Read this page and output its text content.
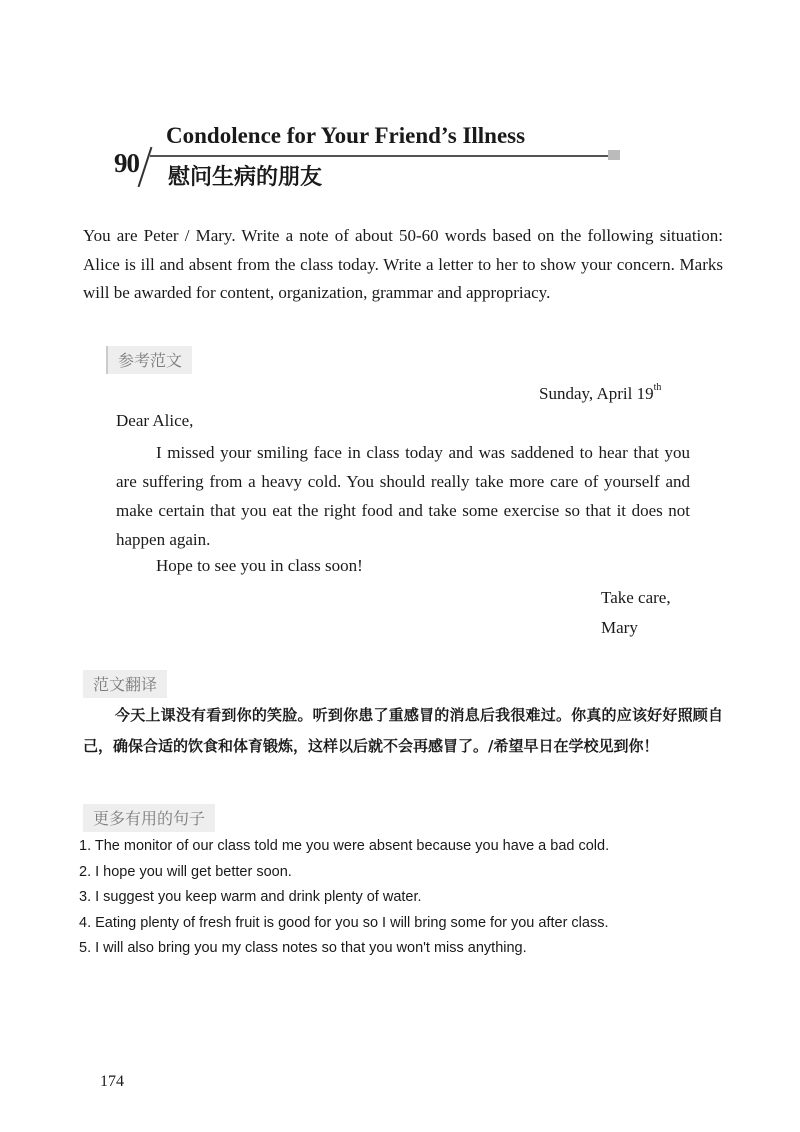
90
Condolence for Your Friend’s Illness
慰问生病的朋友
You are Peter / Mary. Write a note of about 50-60 words based on the following situation: Alice is ill and absent from the class today. Write a letter to her to show your concern. Marks will be awarded for content, organization, grammar and appropriacy.
参考范文
Sunday, April 19th
Dear Alice,
I missed your smiling face in class today and was saddened to hear that you are suffering from a heavy cold. You should really take more care of yourself and make certain that you eat the right food and take some exercise so that it does not happen again.
Hope to see you in class soon!
Take care,
Mary
范文翻译
今天上课没有看到你的笑脸。听到你患了重感冒的消息后我很难过。你真的应该好好照顾自己，确保合适的饮食和体育锻炼，这样以后就不会再感冒了。/希望早日在学校见到你！
更多有用的句子
1. The monitor of our class told me you were absent because you have a bad cold.
2. I hope you will get better soon.
3. I suggest you keep warm and drink plenty of water.
4. Eating plenty of fresh fruit is good for you so I will bring some for you after class.
5. I will also bring you my class notes so that you won't miss anything.
174
